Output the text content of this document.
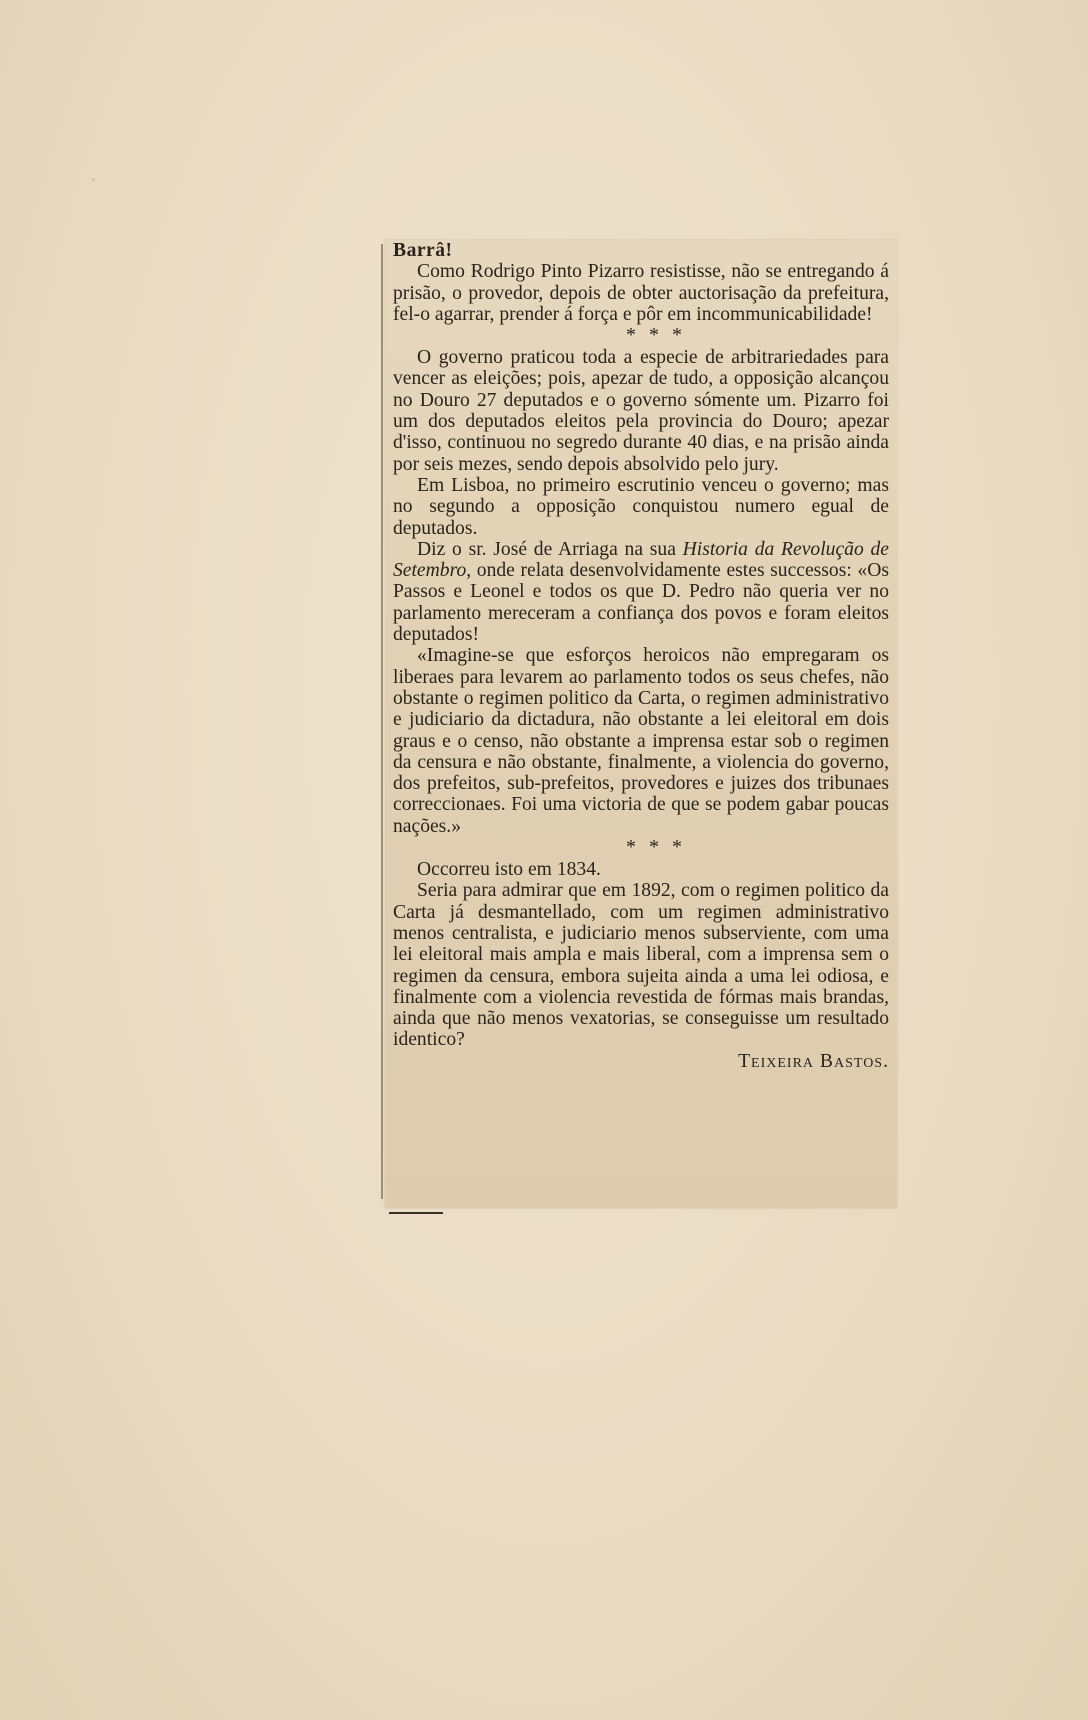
Barrâ!

Como Rodrigo Pinto Pizarro resistisse, não se entregando á prisão, o provedor, depois de obter auctorisação da prefeitura, fel-o agarrar, prender á força e pôr em incommunicabilidade!

* * *

O governo praticou toda a especie de arbitrariedades para vencer as eleições; pois, apezar de tudo, a opposição alcançou no Douro 27 deputados e o governo sómente um. Pizarro foi um dos deputados eleitos pela provincia do Douro; apezar d'isso, continuou no segredo durante 40 dias, e na prisão ainda por seis mezes, sendo depois absolvido pelo jury.

Em Lisboa, no primeiro escrutinio venceu o governo; mas no segundo a opposição conquistou numero egual de deputados.

Diz o sr. José de Arriaga na sua Historia da Revolução de Setembro, onde relata desenvolvidamente estes successos: «Os Passos e Leonel e todos os que D. Pedro não queria ver no parlamento mereceram a confiança dos povos e foram eleitos deputados!

«Imagine-se que esforços heroicos não empregaram os liberaes para levarem ao parlamento todos os seus chefes, não obstante o regimen politico da Carta, o regimen administrativo e judiciario da dictadura, não obstante a lei eleitoral em dois graus e o censo, não obstante a imprensa estar sob o regimen da censura e não obstante, finalmente, a violencia do governo, dos prefeitos, sub-prefeitos, provedores e juizes dos tribunaes correccionaes. Foi uma victoria de que se podem gabar poucas nações.»

* * *

Occorreu isto em 1834.

Seria para admirar que em 1892, com o regimen politico da Carta já desmantellado, com um regimen administrativo menos centralista, e judiciario menos subserviente, com uma lei eleitoral mais ampla e mais liberal, com a imprensa sem o regimen da censura, embora sujeita ainda a uma lei odiosa, e finalmente com a violencia revestida de fórmas mais brandas, ainda que não menos vexatorias, se conseguisse um resultado identico?

Teixeira Bastos.
